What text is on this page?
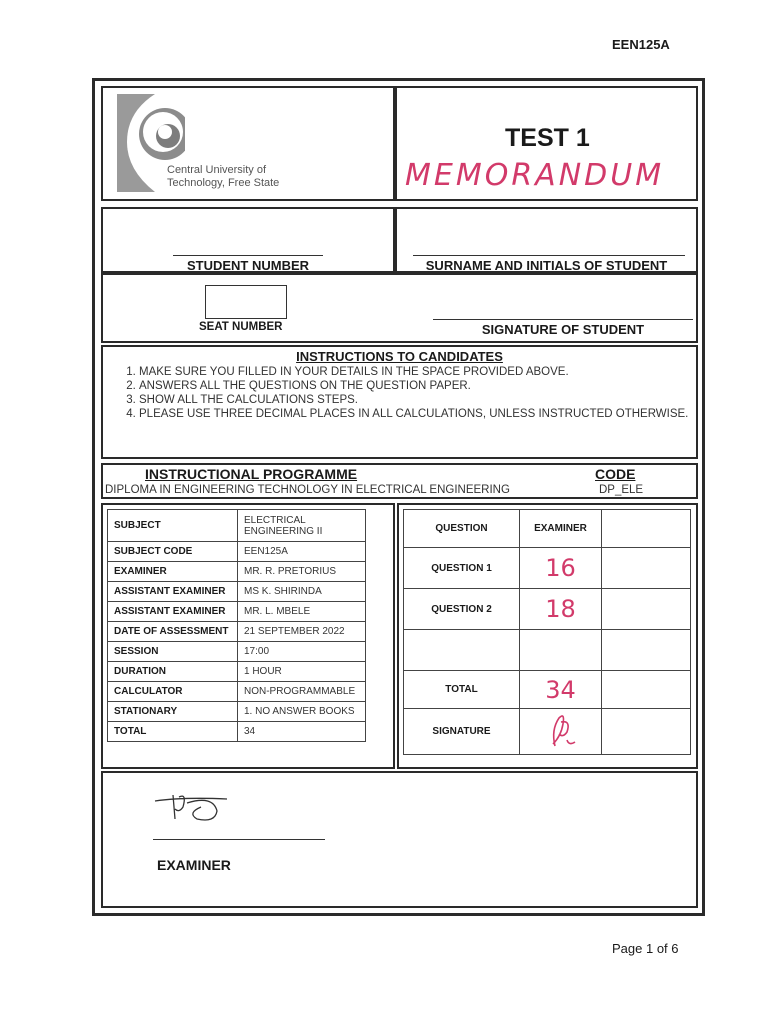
EEN125A
Central University of
Technology, Free State
TEST 1
MEMORANDUM
STUDENT NUMBER	SURNAME AND INITIALS OF STUDENT
SEAT NUMBER	SIGNATURE OF STUDENT
INSTRUCTIONS TO CANDIDATES
1. MAKE SURE YOU FILLED IN YOUR DETAILS IN THE SPACE PROVIDED ABOVE.
2. ANSWERS ALL THE QUESTIONS ON THE QUESTION PAPER.
3. SHOW ALL THE CALCULATIONS STEPS.
4. PLEASE USE THREE DECIMAL PLACES IN ALL CALCULATIONS, UNLESS INSTRUCTED OTHERWISE.
INSTRUCTIONAL PROGRAMME	CODE
DIPLOMA IN ENGINEERING TECHNOLOGY IN ELECTRICAL ENGINEERING	DP_ELE
SUBJECT	ELECTRICAL ENGINEERING II
SUBJECT CODE	EEN125A
EXAMINER	MR. R. PRETORIUS
ASSISTANT EXAMINER	MS K. SHIRINDA
ASSISTANT EXAMINER	MR. L. MBELE
DATE OF ASSESSMENT	21 SEPTEMBER 2022
SESSION	17:00
DURATION	1 HOUR
CALCULATOR	NON-PROGRAMMABLE
STATIONARY	1. NO ANSWER BOOKS
TOTAL	34
QUESTION	EXAMINER	
QUESTION 1	16	
QUESTION 2	18	

TOTAL	34	
SIGNATURE		
EXAMINER
Page 1 of 6
